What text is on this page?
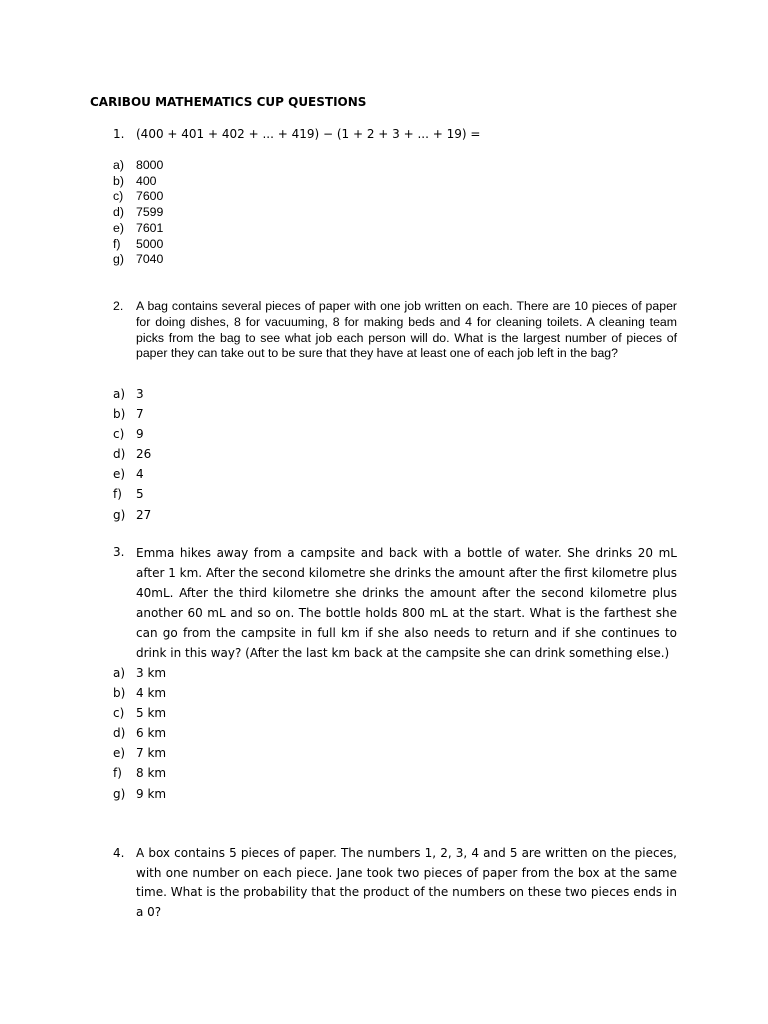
CARIBOU MATHEMATICS CUP QUESTIONS
1. (400 + 401 + 402 + ... + 419) − (1 + 2 + 3 + ... + 19) =
a) 8000
b) 400
c)	7600
d) 7599
e) 7601
f)	5000
g) 7040
2. A bag contains several pieces of paper with one job written on each. There are 10 pieces of paper for doing dishes, 8 for vacuuming, 8 for making beds and 4 for cleaning toilets. A cleaning team picks from the bag to see what job each person will do. What is the largest number of pieces of paper they can take out to be sure that they have at least one of each job left in the bag?
a) 3
b) 7
c) 9
d) 26
e) 4
f)	5
g) 27
3. Emma hikes away from a campsite and back with a bottle of water. She drinks 20 mL after 1 km. After the second kilometre she drinks the amount after the first kilometre plus 40mL. After the third kilometre she drinks the amount after the second kilometre plus another 60 mL and so on. The bottle holds 800 mL at the start. What is the farthest she can go from the campsite in full km if she also needs to return and if she continues to drink in this way? (After the last km back at the campsite she can drink something else.)
a) 3 km
b) 4 km
c) 5 km
d) 6 km
e) 7 km
f)	8 km
g) 9 km
4. A box contains 5 pieces of paper. The numbers 1, 2, 3, 4 and 5 are written on the pieces, with one number on each piece. Jane took two pieces of paper from the box at the same time. What is the probability that the product of the numbers on these two pieces ends in a 0?
